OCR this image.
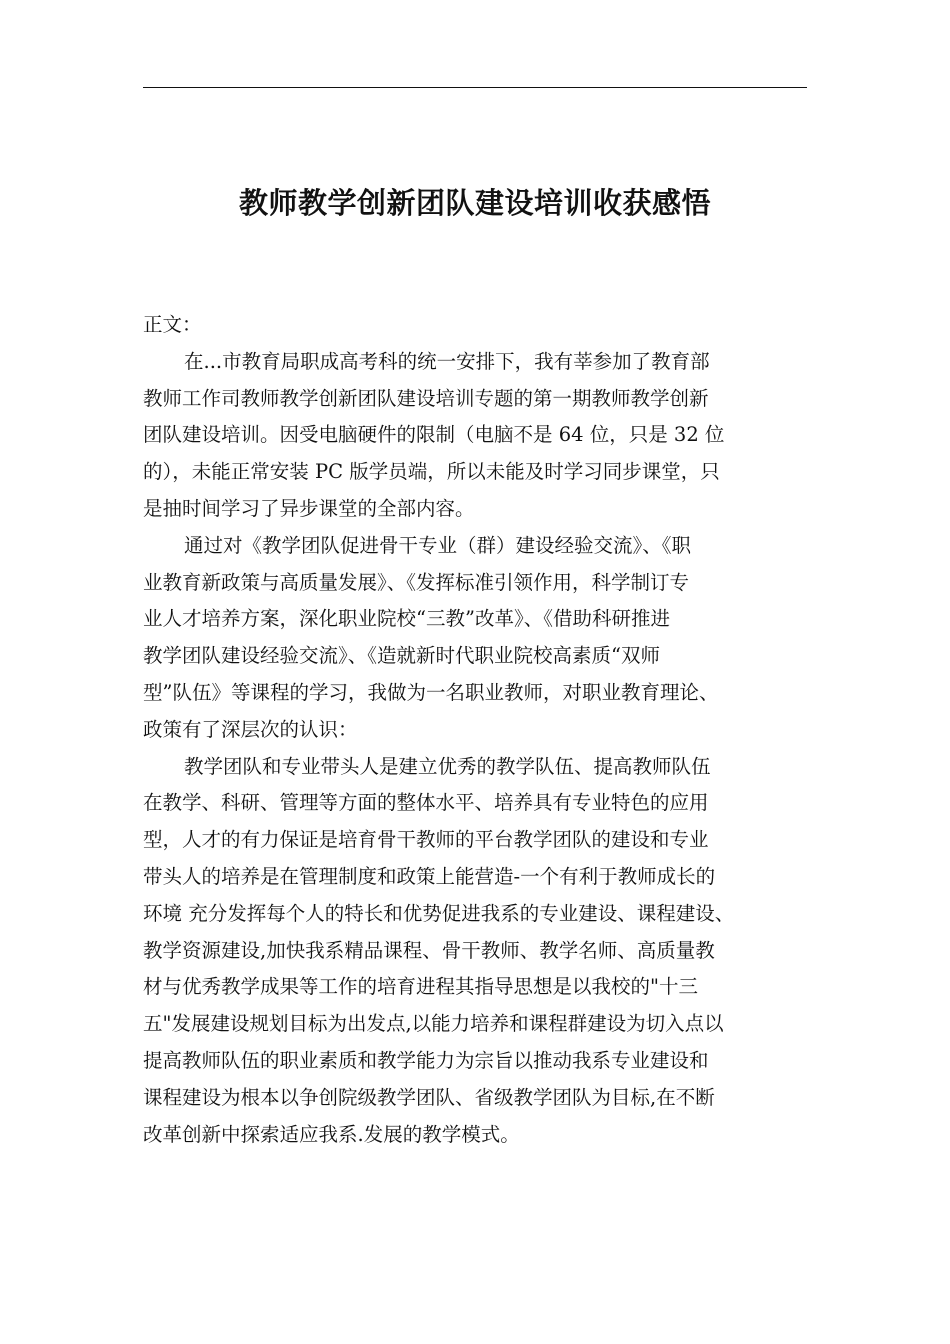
教师教学创新团队建设培训收获感悟

正文：

在...市教育局职成高考科的统一安排下，我有莘参加了教育部
教师工作司教师教学创新团队建设培训专题的第一期教师教学创新
团队建设培训。因受电脑硬件的限制（电脑不是 64 位，只是 32 位
的），未能正常安装 PC 版学员端，所以未能及时学习同步课堂，只
是抽时间学习了异步课堂的全部内容。

通过对《教学团队促进骨干专业（群）建设经验交流》、《职
业教育新政策与高质量发展》、《发挥标准引领作用，科学制订专
业人才培养方案，深化职业院校“三教”改革》、《借助科研推进
教学团队建设经验交流》、《造就新时代职业院校高素质“双师
型”队伍》等课程的学习，我做为一名职业教师，对职业教育理论、
政策有了深层次的认识：

教学团队和专业带头人是建立优秀的教学队伍、提高教师队伍
在教学、科研、管理等方面的整体水平、培养具有专业特色的应用
型，人才的有力保证是培育骨干教师的平台教学团队的建设和专业
带头人的培养是在管理制度和政策上能营造-一个有利于教师成长的
环境 充分发挥每个人的特长和优势促进我系的专业建设、课程建设、
教学资源建设,加快我系精品课程、骨干教师、教学名师、高质量教
材与优秀教学成果等工作的培育进程其指导思想是以我校的"十三
五"发展建设规划目标为出发点,以能力培养和课程群建设为切入点以
提高教师队伍的职业素质和教学能力为宗旨以推动我系专业建设和
课程建设为根本以争创院级教学团队、省级教学团队为目标,在不断
改革创新中探索适应我系.发展的教学模式。
